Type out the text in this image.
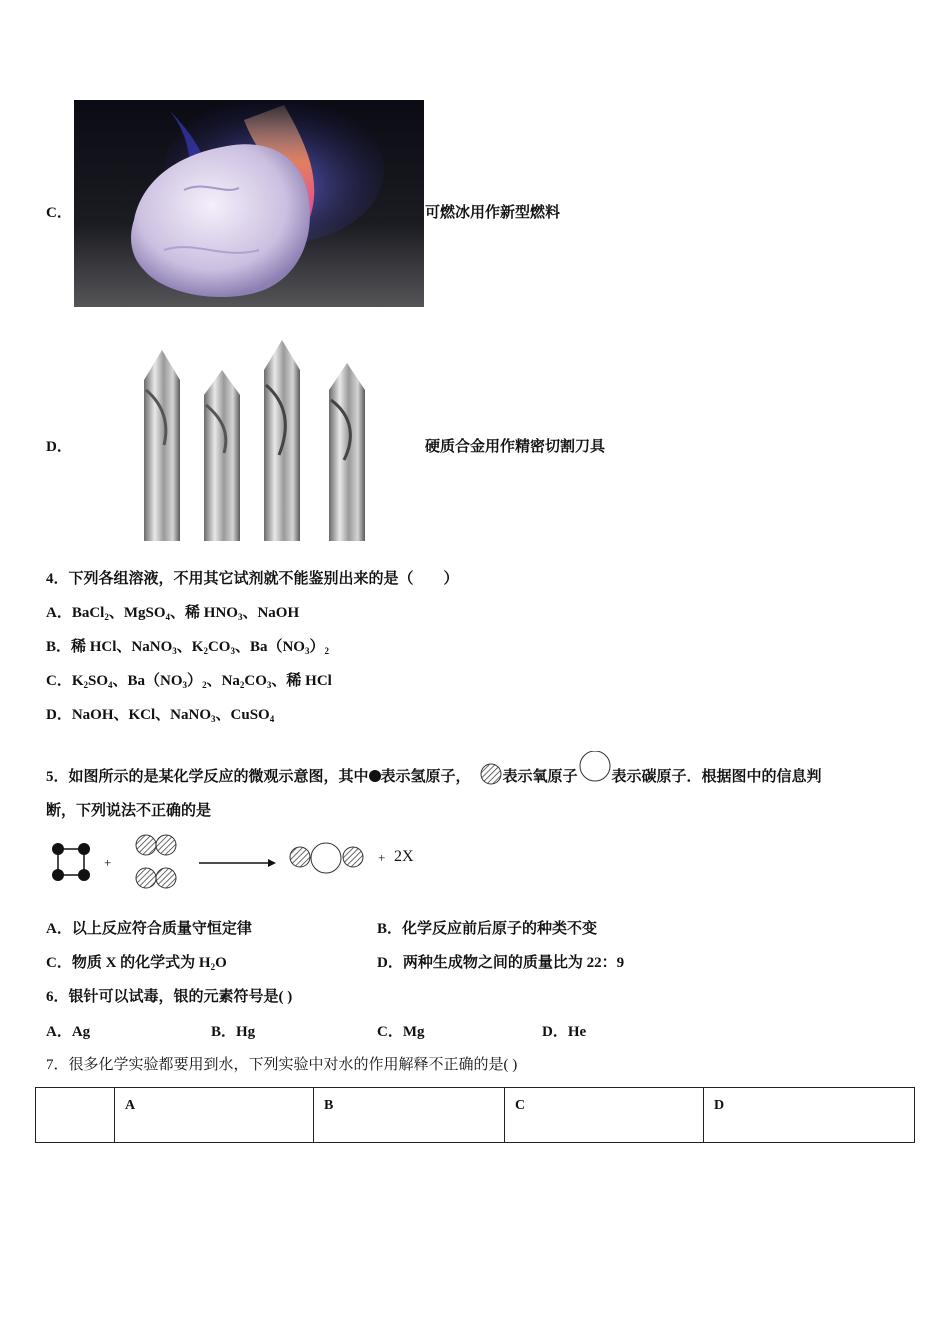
C．	可燃冰用作新型燃料
D．	硬质合金用作精密切割刀具
4．下列各组溶液，不用其它试剂就不能鉴别出来的是（　　）
A．BaCl$_2$、MgSO$_4$、稀 $HNO_3$、NaOH
B．稀 HCl、NaNO$_3$、$K_2CO_3$、$Ba(NO_3)_2$
C．$K_2SO_4$、$Ba(NO_3)_2$、$Na_2CO_3$、稀 HCl
D．NaOH、KCl、NaNO$_3$、CuSO$_4$
5．如图所示的是某化学反应的微观示意图，其中 表示氢原子， 表示氧原子 表示碳原子．根据图中的信息判
断，下列说法不正确的是
+	+ 2X
A．以上反应符合质量守恒定律	B．化学反应前后原子的种类不变
C．物质 X 的化学式为 $H_2O$	D．两种生成物之间的质量比为 22：9
6．银针可以试毒，银的元素符号是( )
A．Ag	B．Hg	C．Mg	D．He
7．很多化学实验都要用到水，下列实验中对水的作用解释不正确的是( )
	A	B	C	D
